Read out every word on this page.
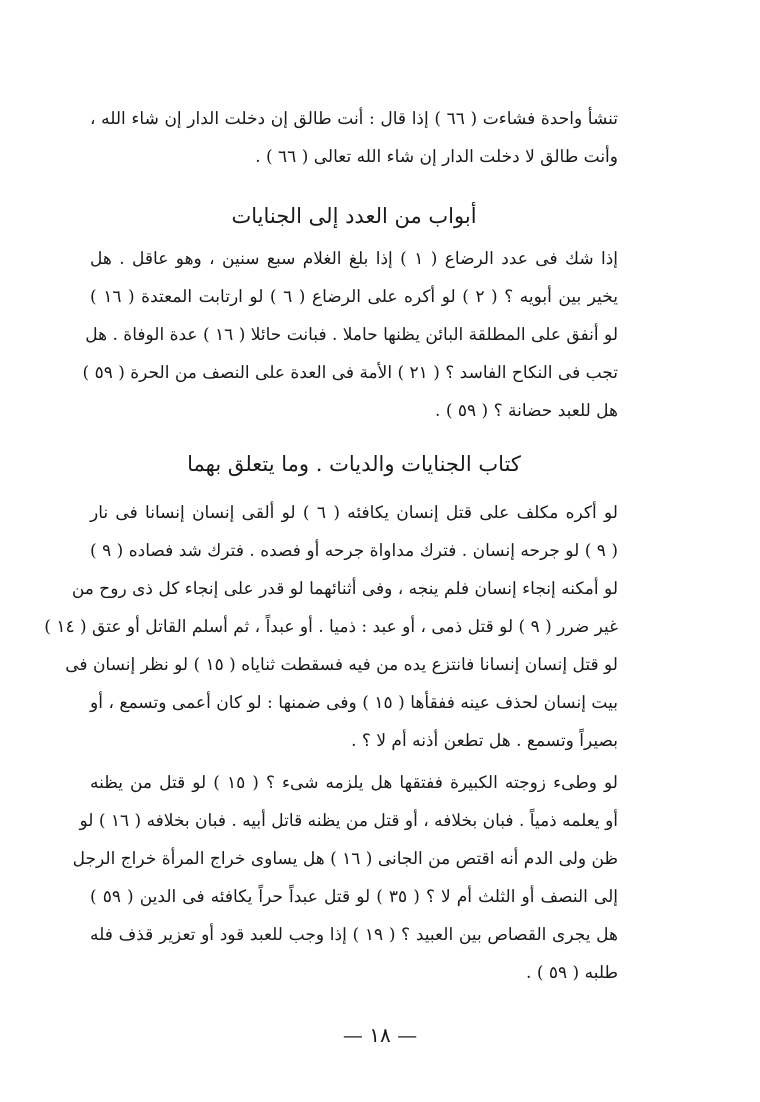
تنشأ واحدة فشاءت ( ٦٦ ) إذا قال : أنت طالق إن دخلت الدار إن شاء الله ،

وأنت طالق لا دخلت الدار إن شاء الله تعالى ( ٦٦ ) .

أبواب من العدد إلى الجنايات

إذا شك فى عدد الرضاع ( ١ ) إذا بلغ الغلام سبع سنين ، وهو عاقل . هل

يخير بين أبويه ؟ ( ٢ ) لو أكره على الرضاع ( ٦ ) لو ارتابت المعتدة ( ١٦ )

لو أنفق على المطلقة البائن يظنها حاملا . فبانت حائلا ( ١٦ ) عدة الوفاة . هل

تجب فى النكاح الفاسد ؟ ( ٢١ ) الأمة فى العدة على النصف من الحرة ( ٥٩ )

هل للعبد حضانة ؟ ( ٥٩ ) .

كتاب الجنايات والديات . وما يتعلق بهما

لو أكره مكلف على قتل إنسان يكافئه ( ٦ ) لو ألقى إنسان إنسانا فى نار

( ٩ ) لو جرحه إنسان . فترك مداواة جرحه أو فصده . فترك شد فصاده ( ٩ )

لو أمكنه إنجاء إنسان فلم ينجه ، وفى أثنائهما لو قدر على إنجاء كل ذى روح من

غير ضرر ( ٩ ) لو قتل ذمى ، أو عبد : ذميا . أو عبداً ، ثم أسلم القاتل أو عتق ( ١٤ )

لو قتل إنسان إنسانا فانتزع يده من فيه فسقطت ثناياه ( ١٥ ) لو نظر إنسان فى

بيت إنسان لحذف عينه ففقأها ( ١٥ ) وفى ضمنها : لو كان أعمى وتسمع ، أو

بصيراً وتسمع . هل تطعن أذنه أم لا ؟ .

لو وطىء زوجته الكبيرة ففتقها هل يلزمه شىء ؟ ( ١٥ ) لو قتل من يظنه

أو يعلمه ذمياً . فبان بخلافه ، أو قتل من يظنه قاتل أبيه . فبان بخلافه ( ١٦ ) لو

ظن ولى الدم أنه اقتص من الجانى ( ١٦ ) هل يساوى خراج المرأة خراج الرجل

إلى النصف أو الثلث أم لا ؟ ( ٣٥ ) لو قتل عبداً حراً يكافئه فى الدين ( ٥٩ )

هل يجرى القصاص بين العبيد ؟ ( ١٩ ) إذا وجب للعبد قود أو تعزير قذف فله

طلبه ( ٥٩ ) .

— ١٨ —
